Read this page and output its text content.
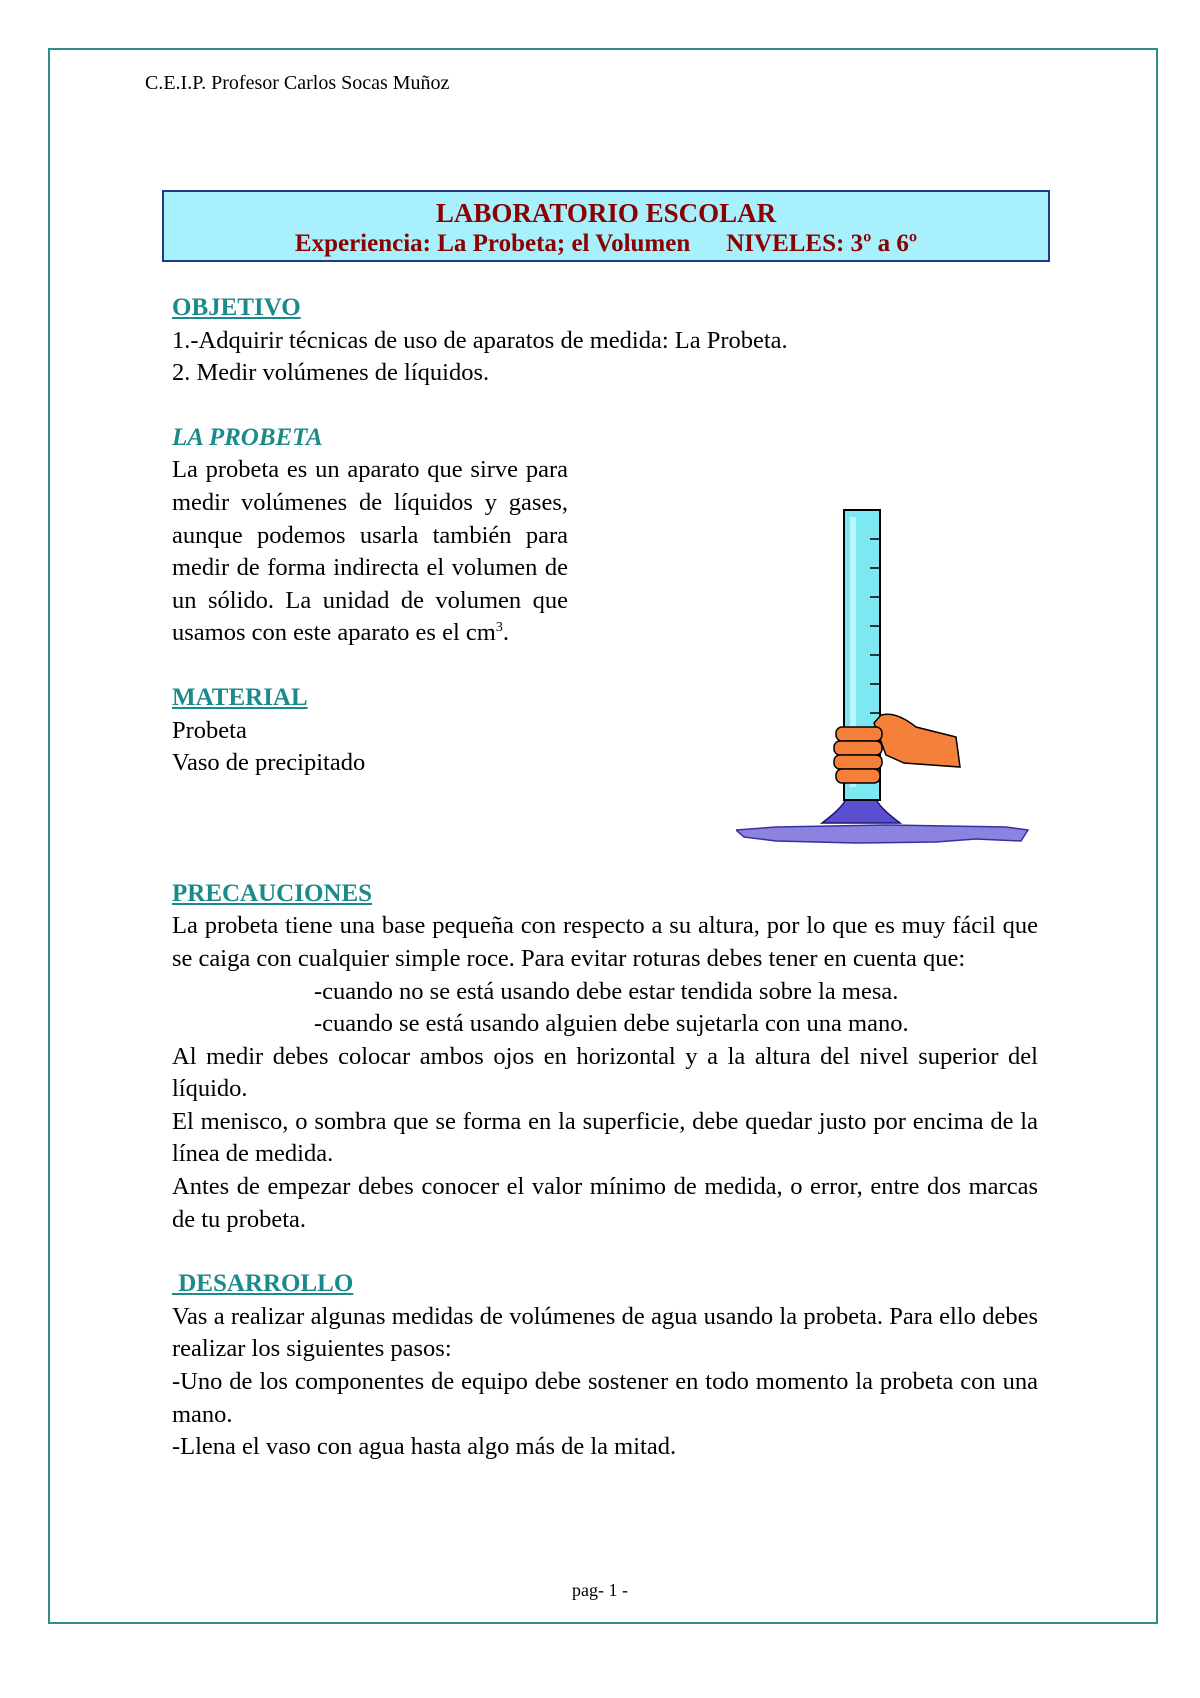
C.E.I.P. Profesor Carlos Socas Muñoz
LABORATORIO ESCOLAR
Experiencia: La Probeta; el Volumen NIVELES: 3º a 6º
OBJETIVO
1.-Adquirir técnicas de uso de aparatos de medida: La Probeta.
2. Medir volúmenes de líquidos.
LA PROBETA
La probeta es un aparato que sirve para medir volúmenes de líquidos y gases, aunque podemos usarla también para medir de forma indirecta el volumen de un sólido. La unidad de volumen que usamos con este aparato es el $cm^3$.
MATERIAL
Probeta
Vaso de precipitado
PRECAUCIONES
La probeta tiene una base pequeña con respecto a su altura, por lo que es muy fácil que se caiga con cualquier simple roce. Para evitar roturas debes tener en cuenta que:
-cuando no se está usando debe estar tendida sobre la mesa.
-cuando se está usando alguien debe sujetarla con una mano.
Al medir debes colocar ambos ojos en horizontal y a la altura del nivel superior del líquido.
El menisco, o sombra que se forma en la superficie, debe quedar justo por encima de la línea de medida.
Antes de empezar debes conocer el valor mínimo de medida, o error, entre dos marcas de tu probeta.
DESARROLLO
Vas a realizar algunas medidas de volúmenes de agua usando la probeta. Para ello debes realizar los siguientes pasos:
-Uno de los componentes de equipo debe sostener en todo momento la probeta con una mano.
-Llena el vaso con agua hasta algo más de la mitad.
pag- 1 -
